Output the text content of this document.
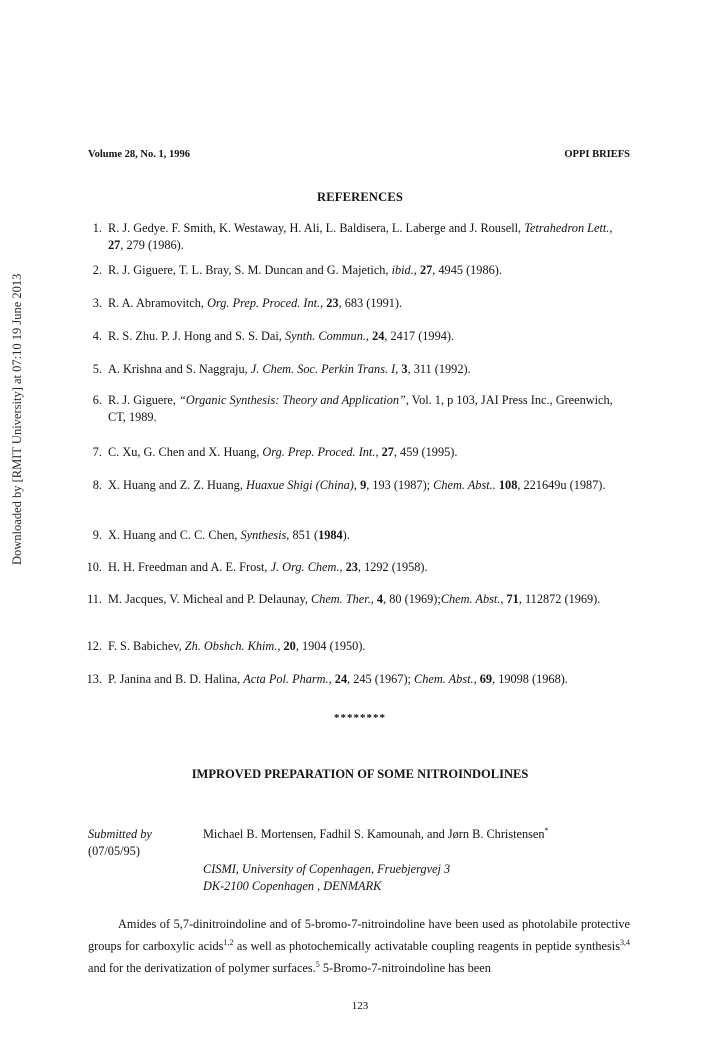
Downloaded by [RMIT University] at 07:10 19 June 2013
Volume 28, No. 1, 1996	OPPI BRIEFS
REFERENCES
1. R. J. Gedye. F. Smith, K. Westaway, H. Ali, L. Baldisera, L. Laberge and J. Rousell, Tetrahedron Lett., 27, 279 (1986).
2. R. J. Giguere, T. L. Bray, S. M. Duncan and G. Majetich, ibid., 27, 4945 (1986).
3. R. A. Abramovitch, Org. Prep. Proced. Int., 23, 683 (1991).
4. R. S. Zhu. P. J. Hong and S. S. Dai, Synth. Commun., 24, 2417 (1994).
5. A. Krishna and S. Naggraju, J. Chem. Soc. Perkin Trans. I, 3, 311 (1992).
6. R. J. Giguere, “Organic Synthesis: Theory and Application”, Vol. 1, p 103, JAI Press Inc., Greenwich, CT, 1989.
7. C. Xu, G. Chen and X. Huang, Org. Prep. Proced. Int., 27, 459 (1995).
8. X. Huang and Z. Z. Huang, Huaxue Shigi (China), 9, 193 (1987); Chem. Abst.. 108, 221649u (1987).
9. X. Huang and C. C. Chen, Synthesis, 851 (1984).
10. H. H. Freedman and A. E. Frost, J. Org. Chem., 23, 1292 (1958).
11. M. Jacques, V. Micheal and P. Delaunay, Chem. Ther., 4, 80 (1969);Chem. Abst., 71, 112872 (1969).
12. F. S. Babichev, Zh. Obshch. Khim., 20, 1904 (1950).
13. P. Janina and B. D. Halina, Acta Pol. Pharm., 24, 245 (1967); Chem. Abst., 69, 19098 (1968).
********
IMPROVED PREPARATION OF SOME NITROINDOLINES
Submitted by
(07/05/95)
Michael B. Mortensen, Fadhil S. Kamounah, and Jørn B. Christensen*
CISMI, University of Copenhagen, Fruebjergvej 3
DK-2100 Copenhagen , DENMARK
Amides of 5,7-dinitroindoline and of 5-bromo-7-nitroindoline have been used as photolabile protective groups for carboxylic acids$^{1,2}$ as well as photochemically activatable coupling reagents in peptide synthesis$^{3,4}$ and for the derivatization of polymer surfaces.$^5$ 5-Bromo-7-nitroindoline has been
123
